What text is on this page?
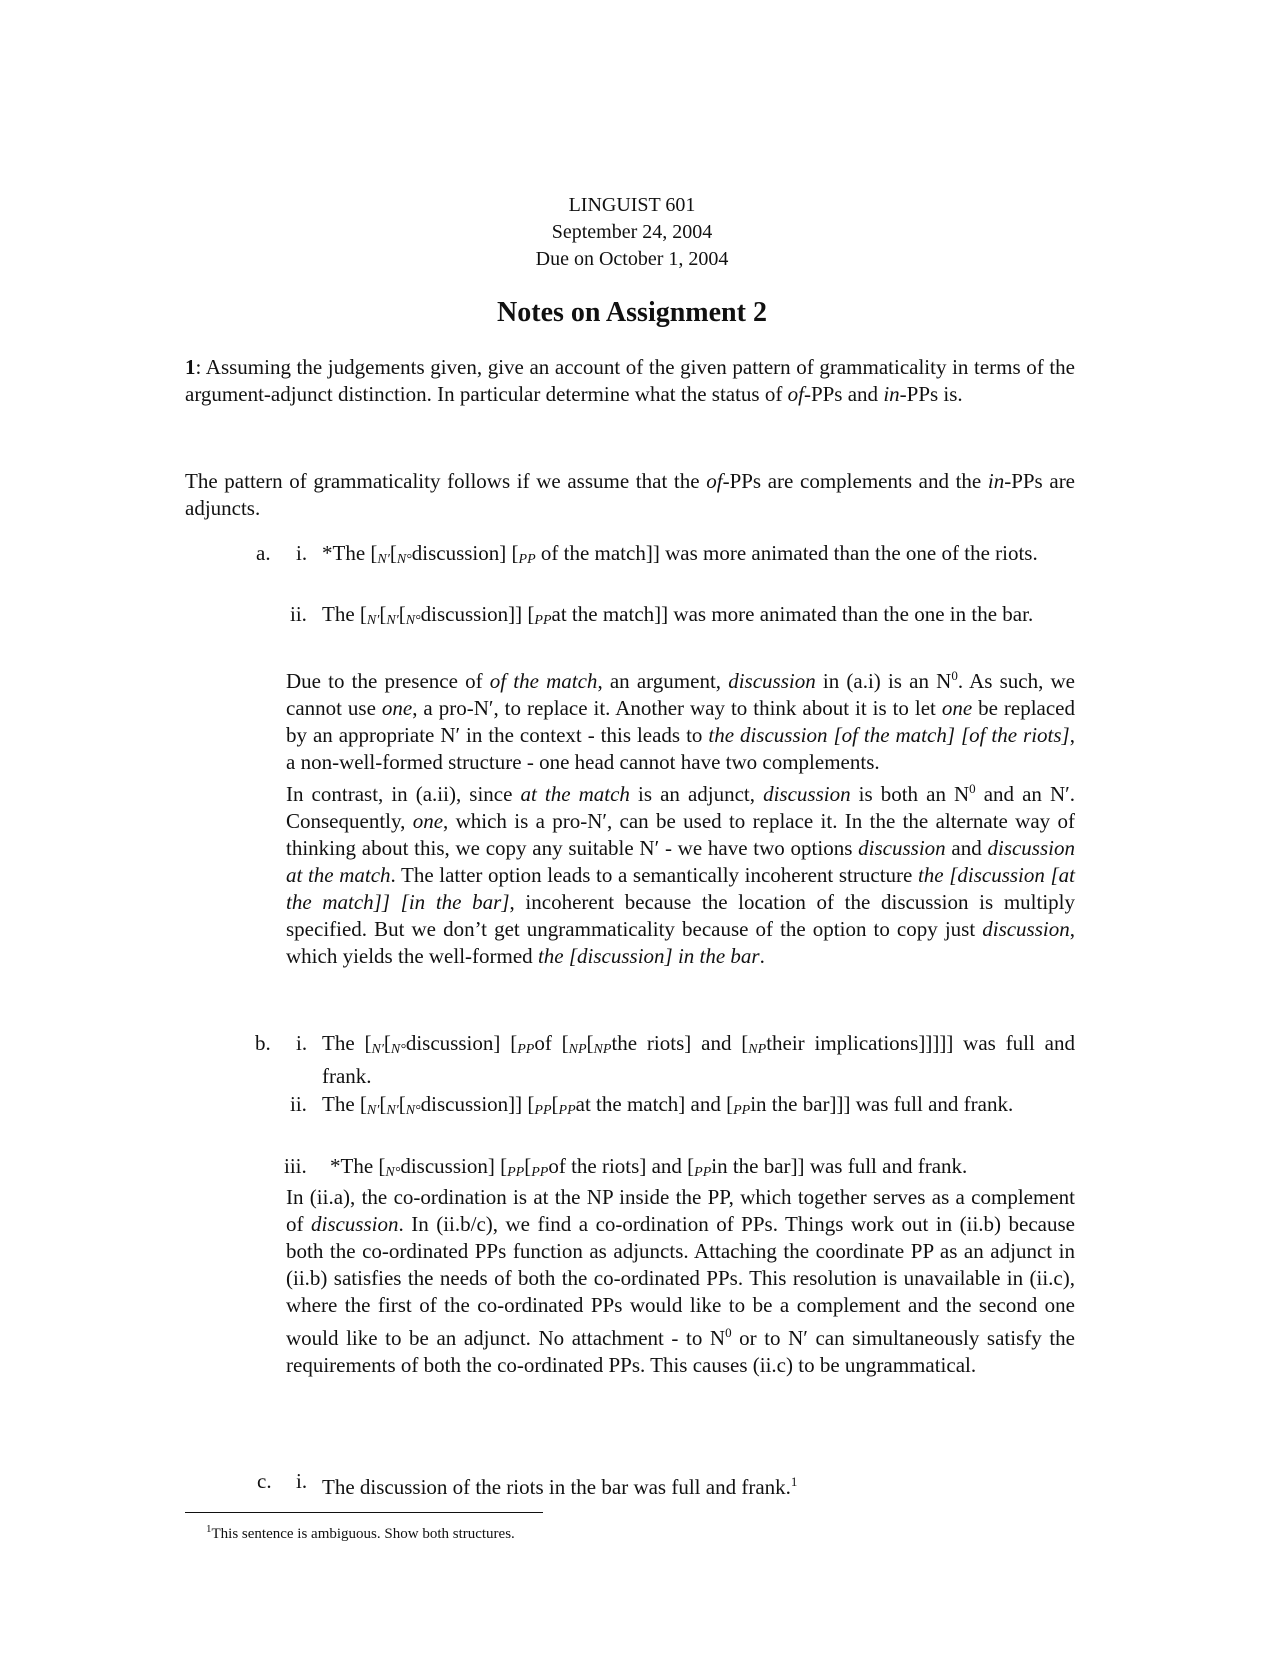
LINGUIST 601
September 24, 2004
Due on October 1, 2004
Notes on Assignment 2
1: Assuming the judgements given, give an account of the given pattern of grammaticality in terms of the argument-adjunct distinction. In particular determine what the status of of-PPs and in-PPs is.
The pattern of grammaticality follows if we assume that the of-PPs are complements and the in-PPs are adjuncts.
a. i. *The [$_{N'}[_{N^\circ}discussion]$ [$_{PP}$ of the match]] was more animated than the one of the riots.
ii. The [$_{N'}[_{N'}[_{N^\circ}discussion]]$ [$_{PP}at$ the match]] was more animated than the one in the bar.
Due to the presence of of the match, an argument, discussion in (a.i) is an $N^0$. As such, we cannot use one, a pro-N′, to replace it. Another way to think about it is to let one be replaced by an appropriate N′ in the context - this leads to the discussion [of the match] [of the riots], a non-well-formed structure - one head cannot have two complements.
In contrast, in (a.ii), since at the match is an adjunct, discussion is both an $N^0$ and an N′. Consequently, one, which is a pro-N′, can be used to replace it. In the the alternate way of thinking about this, we copy any suitable N′ - we have two options discussion and discussion at the match. The latter option leads to a semantically incoherent structure the [discussion [at the match]] [in the bar], incoherent because the location of the discussion is multiply specified. But we don’t get ungrammaticality because of the option to copy just discussion, which yields the well-formed the [discussion] in the bar.
b. i. The [$_{N'}[_{N^\circ}discussion]$ [$_{PP}of$ [$_{NP}[_{NP}the$ riots] and [$_{NP}their$ implications]]]]] was full and frank.
ii. The [$_{N'}[_{N'}[_{N^\circ}discussion]]$ [$_{PP}[_{PP}at$ the match] and [$_{PP}in$ the bar]]] was full and frank.
iii. *The $[_{N^\circ}discussion]$ [$_{PP}[_{PP}of$ the riots] and [$_{PP}in$ the bar]] was full and frank.
In (ii.a), the co-ordination is at the NP inside the PP, which together serves as a complement of discussion. In (ii.b/c), we find a co-ordination of PPs. Things work out in (ii.b) because both the co-ordinated PPs function as adjuncts. Attaching the coordinate PP as an adjunct in (ii.b) satisfies the needs of both the co-ordinated PPs. This resolution is unavailable in (ii.c), where the first of the co-ordinated PPs would like to be a complement and the second one would like to be an adjunct. No attachment - to $N^0$ or to N′ can simultaneously satisfy the requirements of both the co-ordinated PPs. This causes (ii.c) to be ungrammatical.
c. i. The discussion of the riots in the bar was full and frank.$^1$
$^1$This sentence is ambiguous. Show both structures.
